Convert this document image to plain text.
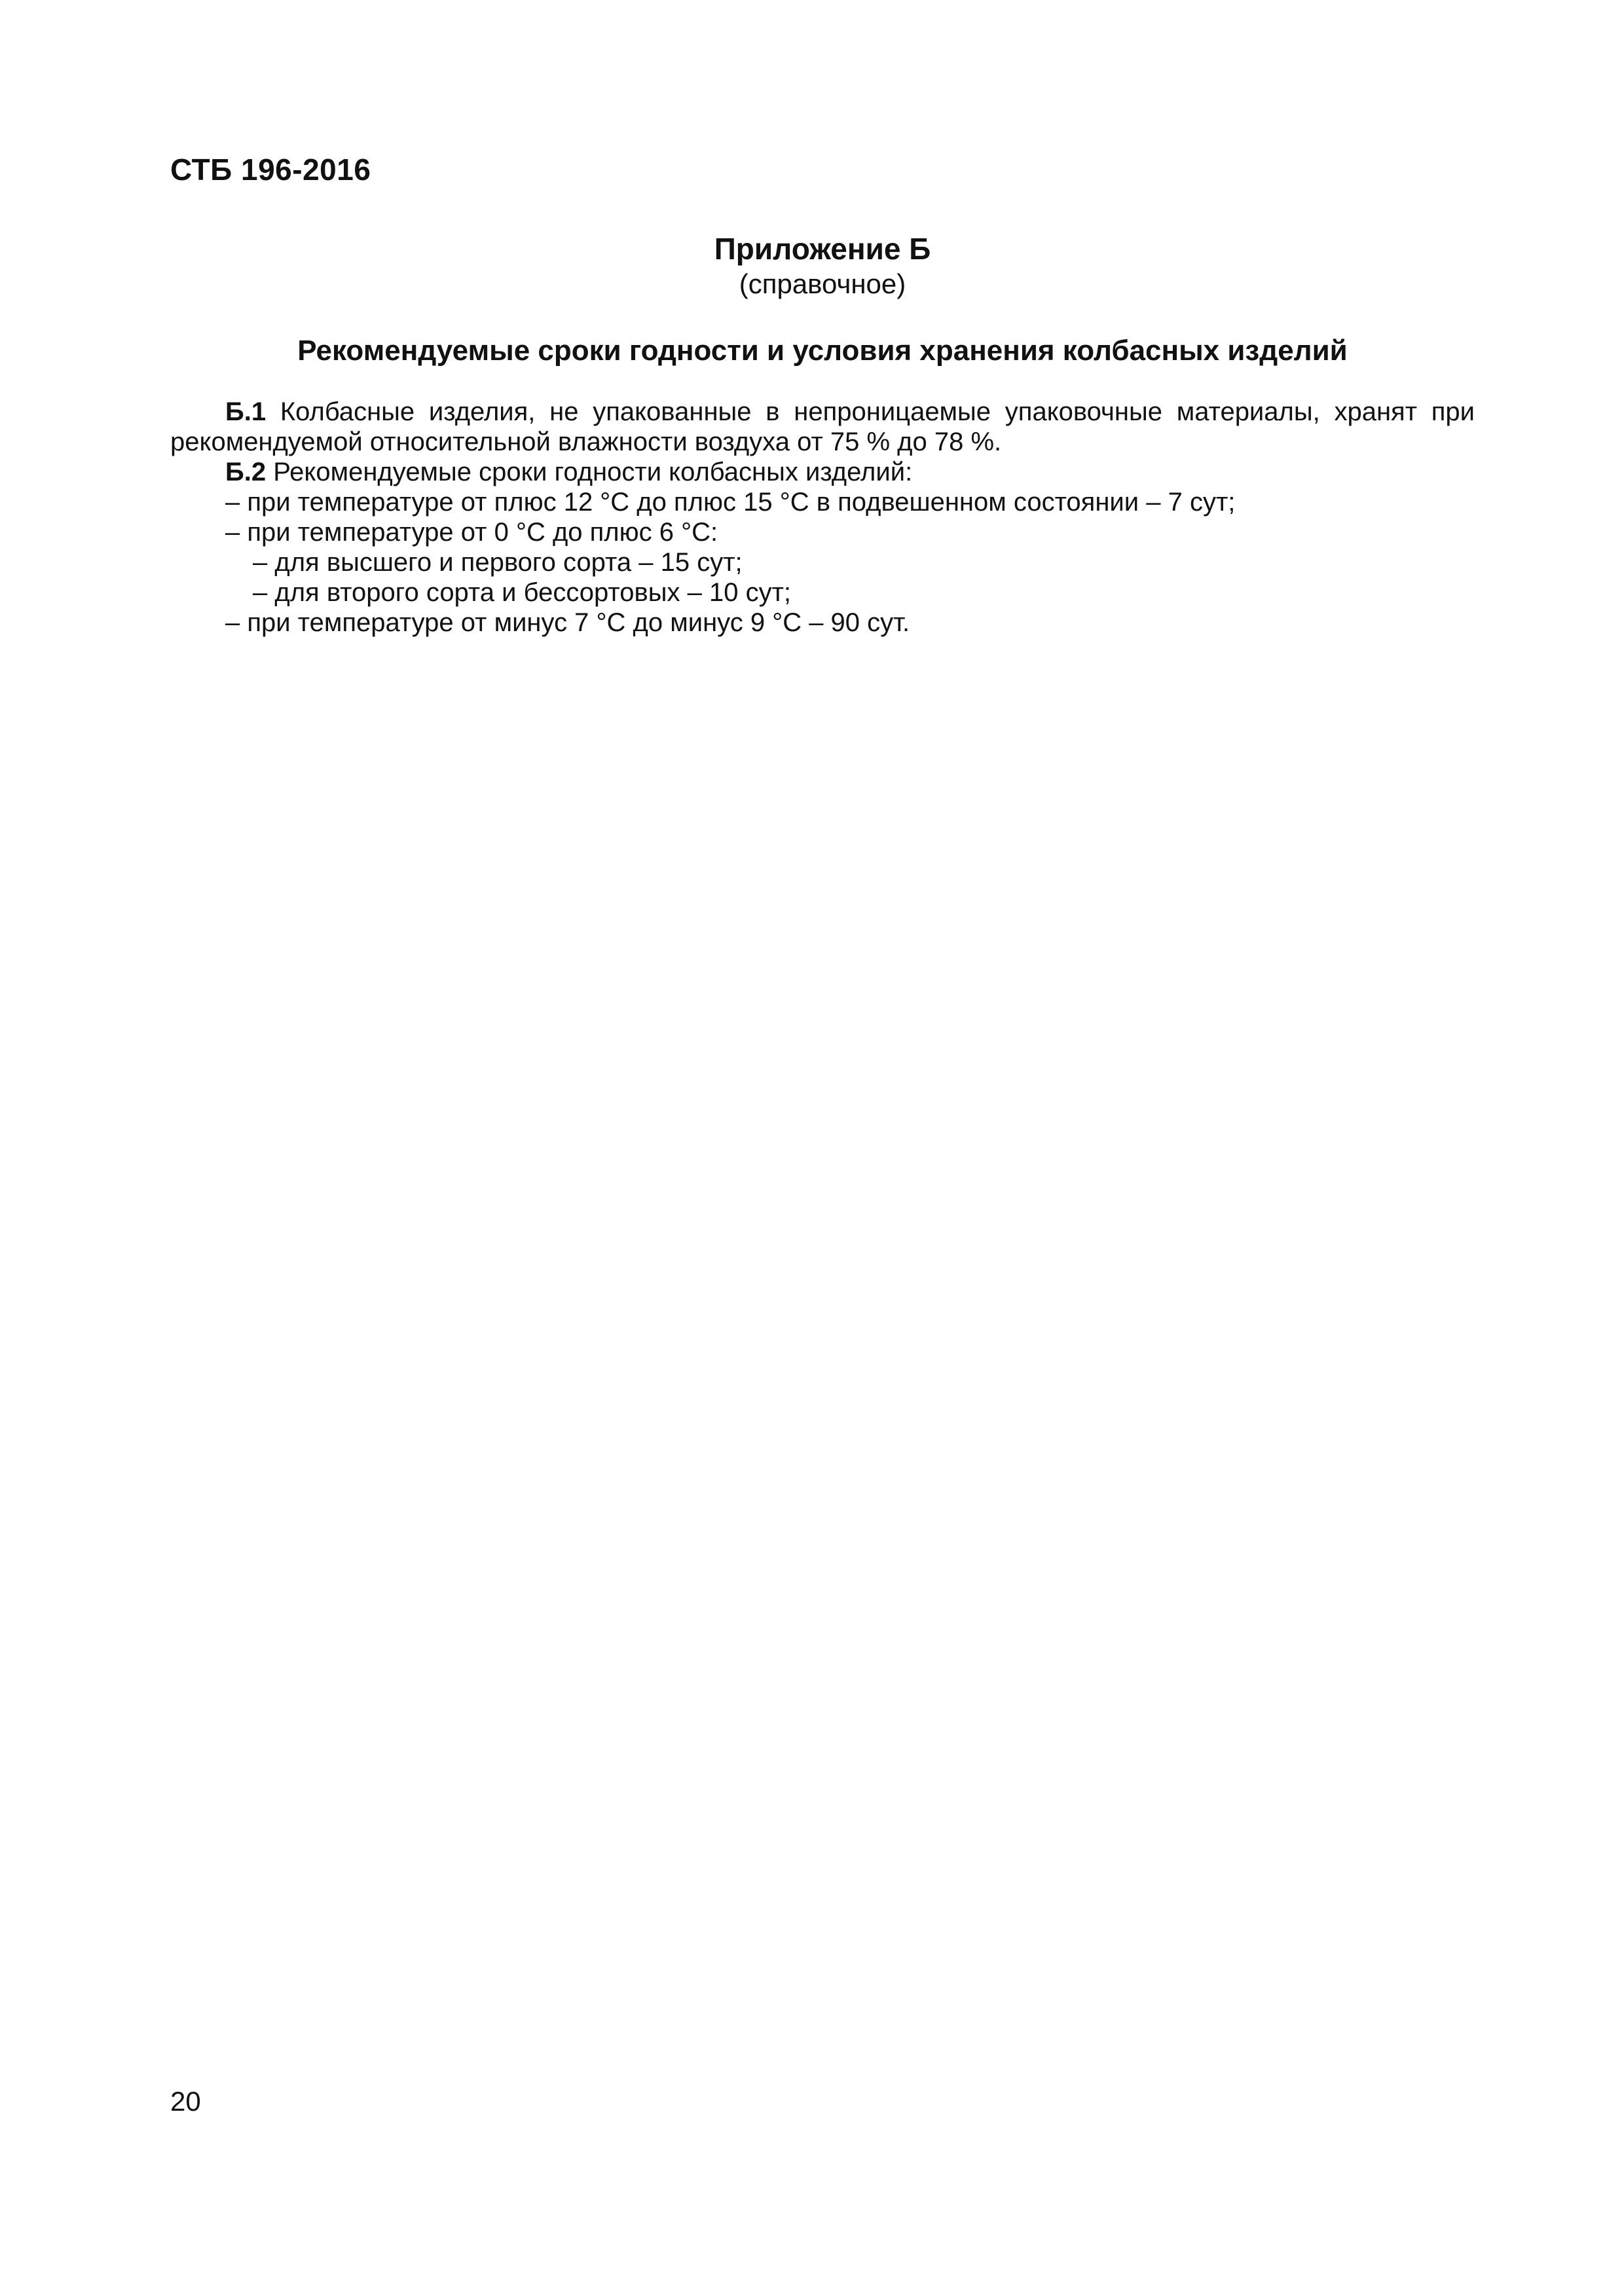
СТБ 196-2016
Приложение Б
(справочное)
Рекомендуемые сроки годности и условия хранения колбасных изделий

Б.1 Колбасные изделия, не упакованные в непроницаемые упаковочные материалы, хранят при рекомендуемой относительной влажности воздуха от 75 % до 78 %.

Б.2 Рекомендуемые сроки годности колбасных изделий:

– при температуре от плюс 12 °С до плюс 15 °С в подвешенном состоянии – 7 сут;

– при температуре от 0 °С до плюс 6 °С:

– для высшего и первого сорта – 15 сут;

– для второго сорта и бессортовых – 10 сут;

– при температуре от минус 7 °С до минус 9 °С – 90 сут.

20
